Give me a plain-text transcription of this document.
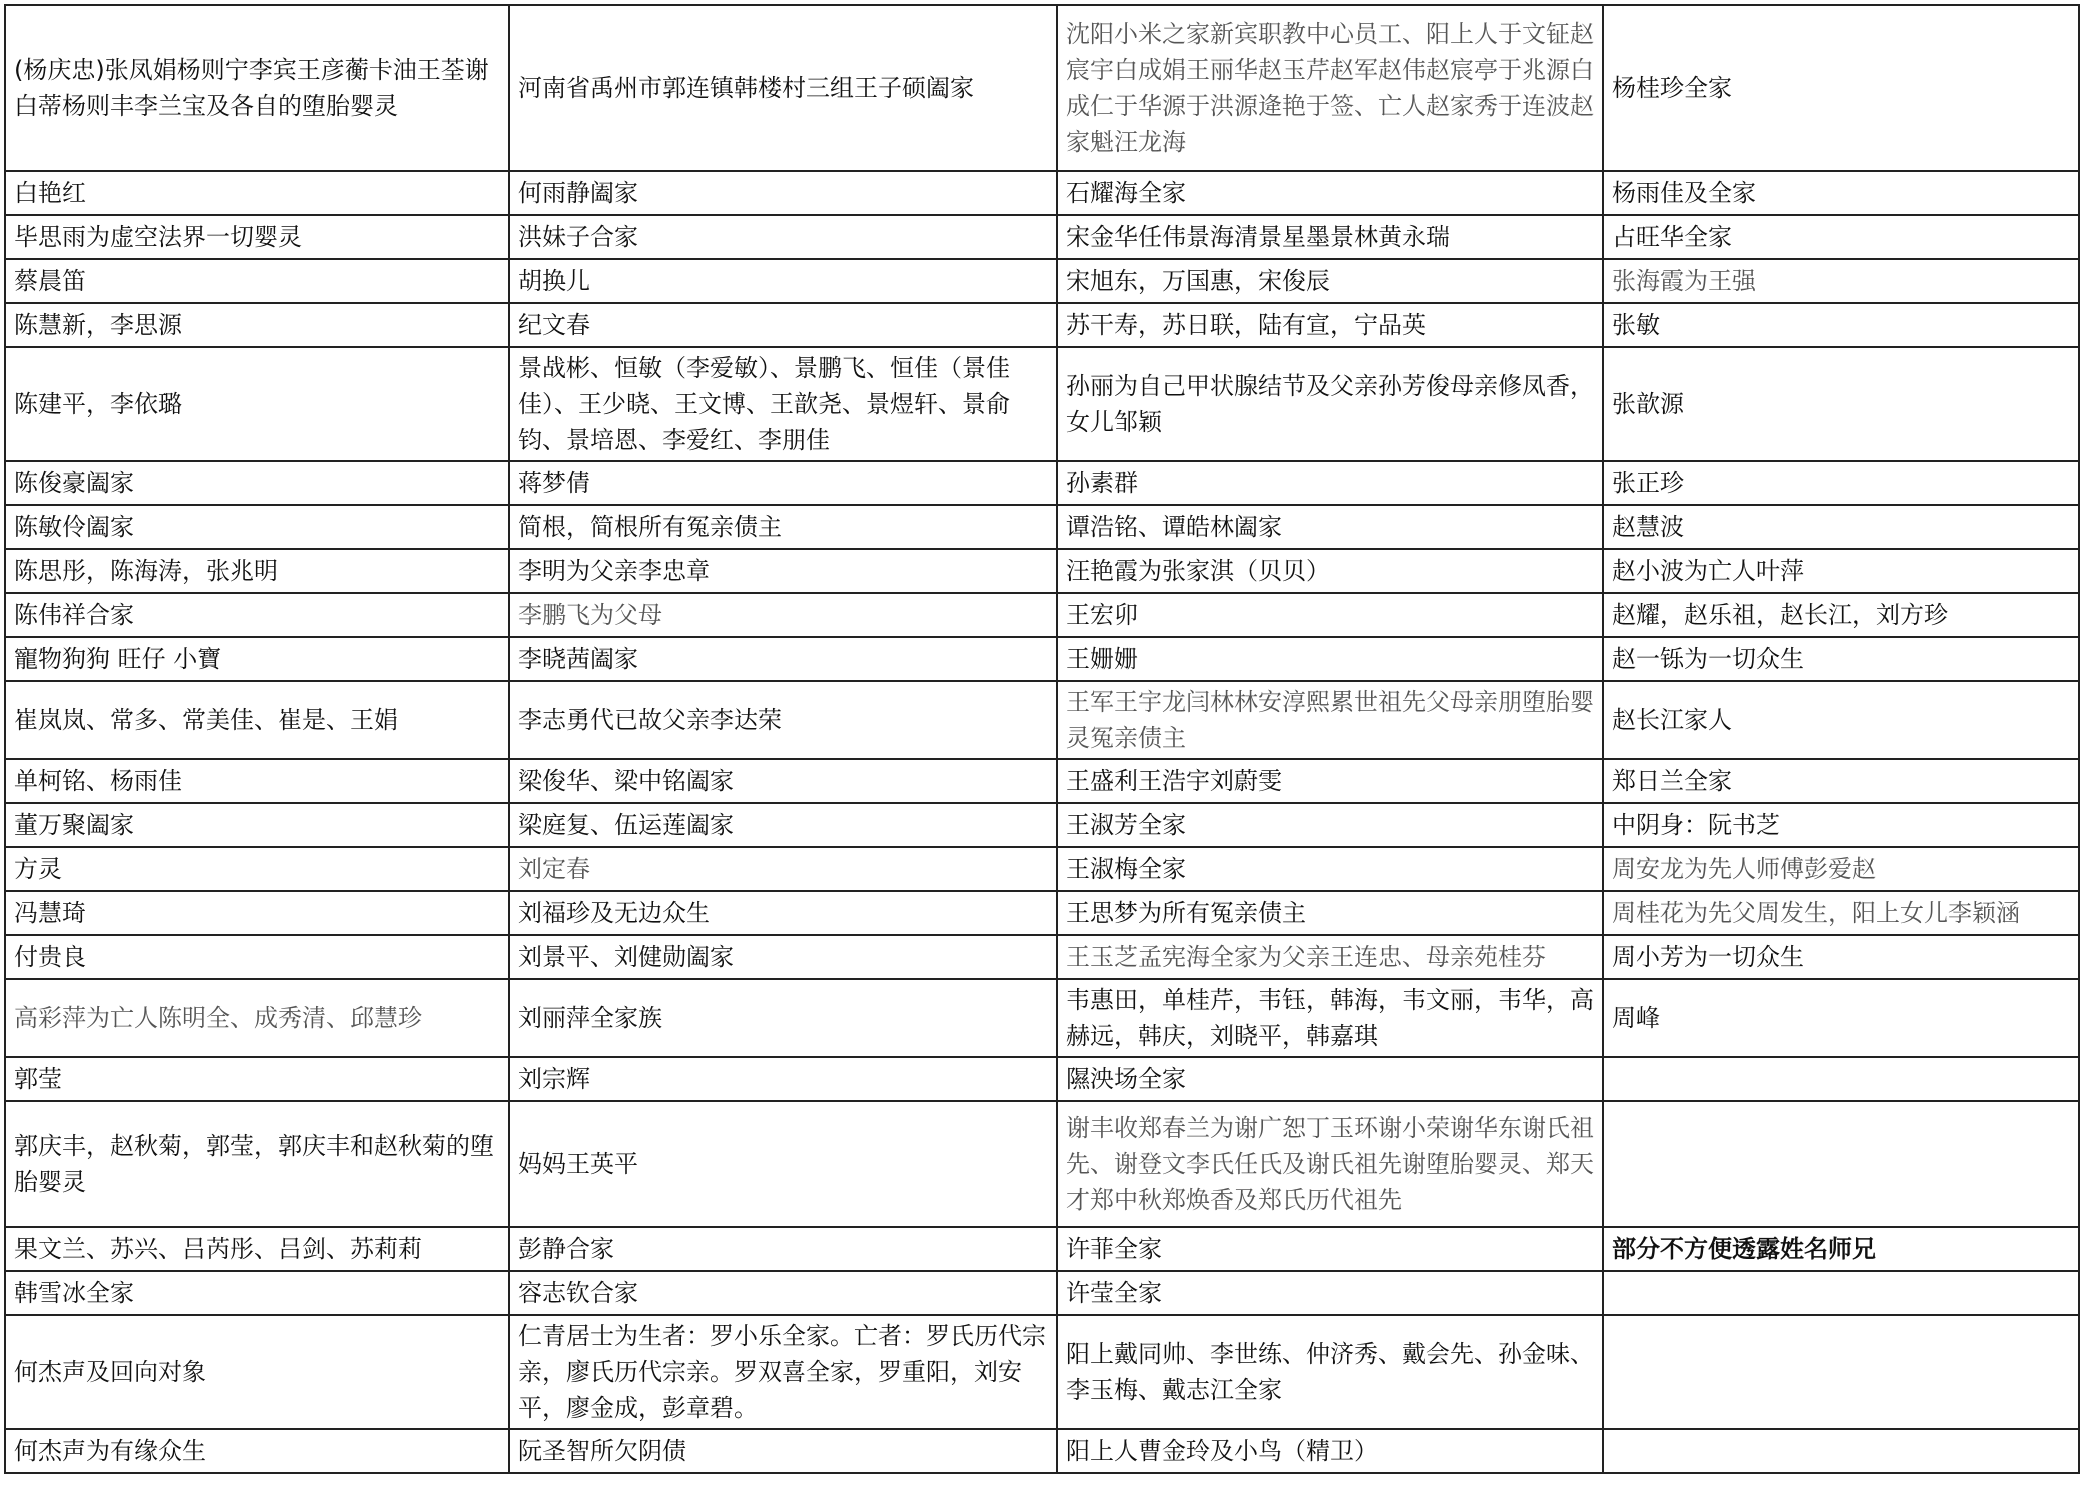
(杨庆忠)张凤娟杨则宁李宾王彦蘅卡油王荃谢白蒂杨则丰李兰宝及各自的堕胎婴灵	河南省禹州市郭连镇韩楼村三组王子硕阖家	沈阳小米之家新宾职教中心员工、阳上人于文钲赵宸宇白成娟王丽华赵玉芹赵军赵伟赵宸亭于兆源白成仁于华源于洪源逄艳于签、亡人赵家秀于连波赵家魁汪龙海	杨桂珍全家
白艳红	何雨静阖家	石耀海全家	杨雨佳及全家
毕思雨为虚空法界一切婴灵	洪妹子合家	宋金华任伟景海清景星墨景林黄永瑞	占旺华全家
蔡晨笛	胡换儿	宋旭东，万国惠，宋俊辰	张海霞为王强
陈慧新，李思源	纪文春	苏干寿，苏日联，陆有宣，宁品英	张敏
陈建平，李依璐	景战彬、恒敏（李爱敏）、景鹏飞、恒佳（景佳佳）、王少晓、王文博、王歆尧、景煜轩、景俞钧、景培恩、李爱红、李朋佳	孙丽为自己甲状腺结节及父亲孙芳俊母亲修凤香，女儿邹颖	张歆源
陈俊豪阖家	蒋梦倩	孙素群	张正珍
陈敏伶阖家	简根，简根所有冤亲债主	谭浩铭、谭皓林阖家	赵慧波
陈思彤，陈海涛，张兆明	李明为父亲李忠章	汪艳霞为张家淇（贝贝）	赵小波为亡人叶萍
陈伟祥合家	李鹏飞为父母	王宏卯	赵耀，赵乐祖，赵长江，刘方珍
寵物狗狗 旺仔 小寶	李晓茜阖家	王姗姗	赵一铄为一切众生
崔岚岚、常多、常美佳、崔是、王娟	李志勇代已故父亲李达荣	王军王宇龙闫林林安淳熙累世祖先父母亲朋堕胎婴灵冤亲债主	赵长江家人
单柯铭、杨雨佳	梁俊华、梁中铭阖家	王盛利王浩宇刘蔚雯	郑日兰全家
董万聚阖家	梁庭复、伍运莲阖家	王淑芳全家	中阴身：阮书芝
方灵	刘定春	王淑梅全家	周安龙为先人师傅彭爱赵
冯慧琦	刘福珍及无边众生	王思梦为所有冤亲债主	周桂花为先父周发生，阳上女儿李颖涵
付贵良	刘景平、刘健勋阖家	王玉芝孟宪海全家为父亲王连忠、母亲苑桂芬	周小芳为一切众生
高彩萍为亡人陈明全、成秀清、邱慧珍	刘丽萍全家族	韦惠田，单桂芹，韦钰，韩海，韦文丽，韦华，高赫远，韩庆，刘晓平，韩嘉琪	周峰
郭莹	刘宗辉	隰泱场全家	
郭庆丰，赵秋菊，郭莹，郭庆丰和赵秋菊的堕胎婴灵	妈妈王英平	谢丰收郑春兰为谢广恕丁玉环谢小荣谢华东谢氏祖先、谢登文李氏任氏及谢氏祖先谢堕胎婴灵、郑天才郑中秋郑焕香及郑氏历代祖先	
果文兰、苏兴、吕芮彤、吕剑、苏莉莉	彭静合家	许菲全家	部分不方便透露姓名师兄
韩雪冰全家	容志钦合家	许莹全家	
何杰声及回向对象	仁青居士为生者：罗小乐全家。亡者：罗氏历代宗亲，廖氏历代宗亲。罗双喜全家，罗重阳，刘安平，廖金成，彭章碧。	阳上戴同帅、李世练、仲济秀、戴会先、孙金味、李玉梅、戴志江全家	
何杰声为有缘众生	阮圣智所欠阴债	阳上人曹金玲及小鸟（精卫）	
